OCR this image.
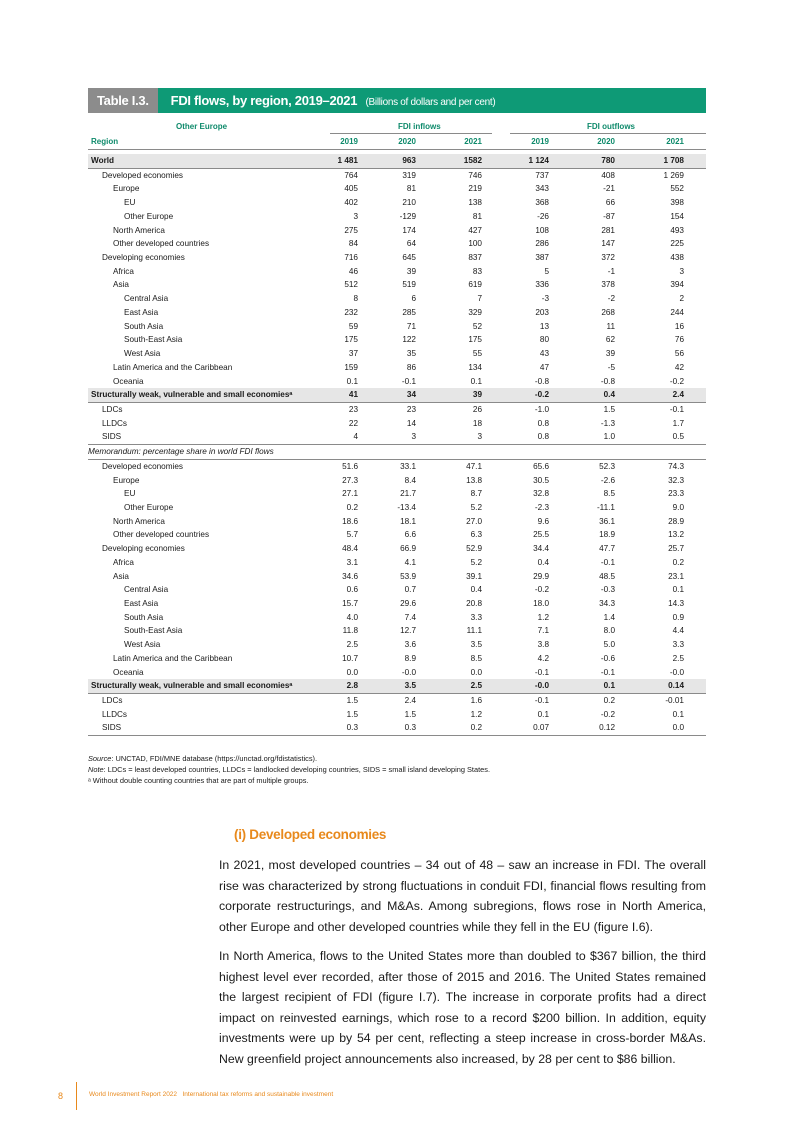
Table I.3.	FDI flows, by region, 2019–2021 (Billions of dollars and per cent)
Other Europe	FDI inflows	FDI outflows
Region	2019	2020	2021	2019	2020	2021
World	1 481	963	1582	1 124	780	1 708
Developed economies	764	319	746	737	408	1 269
Europe	405	81	219	343	-21	552
EU	402	210	138	368	66	398
Other Europe	3	-129	81	-26	-87	154
North America	275	174	427	108	281	493
Other developed countries	84	64	100	286	147	225
Developing economies	716	645	837	387	372	438
Africa	46	39	83	5	-1	3
Asia	512	519	619	336	378	394
Central Asia	8	6	7	-3	-2	2
East Asia	232	285	329	203	268	244
South Asia	59	71	52	13	11	16
South-East Asia	175	122	175	80	62	76
West Asia	37	35	55	43	39	56
Latin America and the Caribbean	159	86	134	47	-5	42
Oceania	0.1	-0.1	0.1	-0.8	-0.8	-0.2
Structurally weak, vulnerable and small economiesᵃ	41	34	39	-0.2	0.4	2.4
LDCs	23	23	26	-1.0	1.5	-0.1
LLDCs	22	14	18	0.8	-1.3	1.7
SIDS	4	3	3	0.8	1.0	0.5
Memorandum: percentage share in world FDI flows
Developed economies	51.6	33.1	47.1	65.6	52.3	74.3
Europe	27.3	8.4	13.8	30.5	-2.6	32.3
EU	27.1	21.7	8.7	32.8	8.5	23.3
Other Europe	0.2	-13.4	5.2	-2.3	-11.1	9.0
North America	18.6	18.1	27.0	9.6	36.1	28.9
Other developed countries	5.7	6.6	6.3	25.5	18.9	13.2
Developing economies	48.4	66.9	52.9	34.4	47.7	25.7
Africa	3.1	4.1	5.2	0.4	-0.1	0.2
Asia	34.6	53.9	39.1	29.9	48.5	23.1
Central Asia	0.6	0.7	0.4	-0.2	-0.3	0.1
East Asia	15.7	29.6	20.8	18.0	34.3	14.3
South Asia	4.0	7.4	3.3	1.2	1.4	0.9
South-East Asia	11.8	12.7	11.1	7.1	8.0	4.4
West Asia	2.5	3.6	3.5	3.8	5.0	3.3
Latin America and the Caribbean	10.7	8.9	8.5	4.2	-0.6	2.5
Oceania	0.0	-0.0	0.0	-0.1	-0.1	-0.0
Structurally weak, vulnerable and small economiesᵃ	2.8	3.5	2.5	-0.0	0.1	0.14
LDCs	1.5	2.4	1.6	-0.1	0.2	-0.01
LLDCs	1.5	1.5	1.2	0.1	-0.2	0.1
SIDS	0.3	0.3	0.2	0.07	0.12	0.0
Source: UNCTAD, FDI/MNE database (https://unctad.org/fdistatistics).
Note: LDCs = least developed countries, LLDCs = landlocked developing countries, SIDS = small island developing States.
ᵃ Without double counting countries that are part of multiple groups.
(i) Developed economies
In 2021, most developed countries – 34 out of 48 – saw an increase in FDI. The overall rise was characterized by strong fluctuations in conduit FDI, financial flows resulting from corporate restructurings, and M&As. Among subregions, flows rose in North America, other Europe and other developed countries while they fell in the EU (figure I.6).
In North America, flows to the United States more than doubled to $367 billion, the third highest level ever recorded, after those of 2015 and 2016. The United States remained the largest recipient of FDI (figure I.7). The increase in corporate profits had a direct impact on reinvested earnings, which rose to a record $200 billion. In addition, equity investments were up by 54 per cent, reflecting a steep increase in cross-border M&As. New greenfield project announcements also increased, by 28 per cent to $86 billion.
8	World Investment Report 2022 International tax reforms and sustainable investment
